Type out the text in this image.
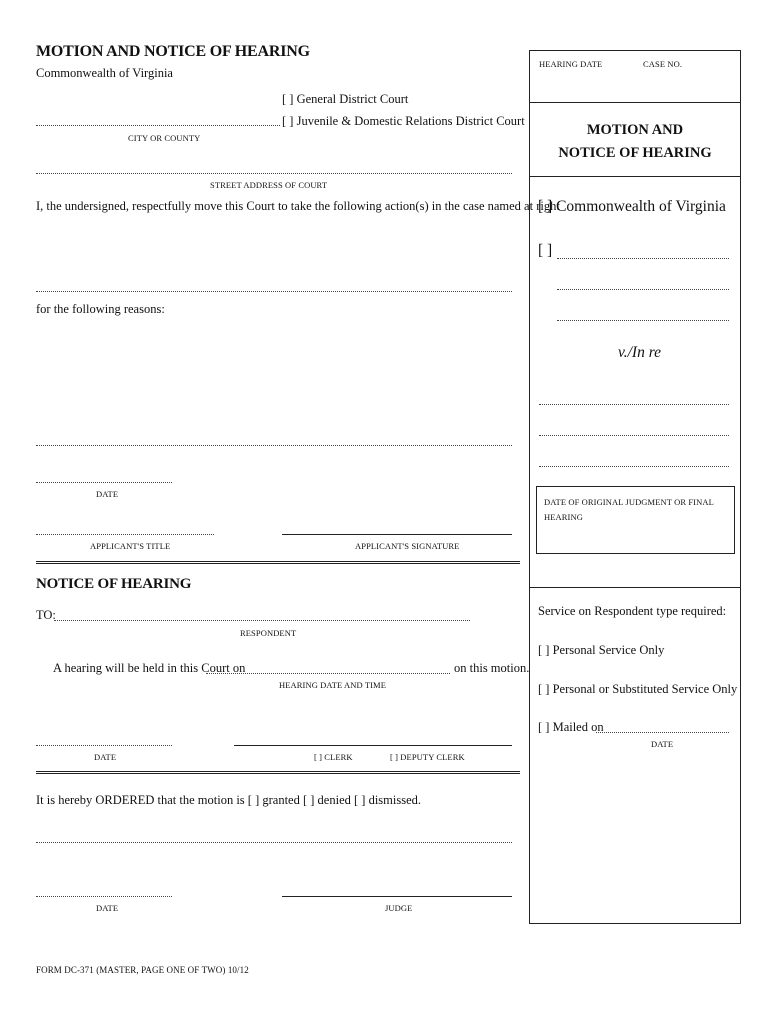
MOTION AND NOTICE OF HEARING
Commonwealth of Virginia
[ ] General District Court
[ ] Juvenile & Domestic Relations District Court
CITY OR COUNTY
STREET ADDRESS OF COURT
I, the undersigned, respectfully move this Court to take the following action(s) in the case named at right
for the following reasons:
DATE
APPLICANT'S TITLE	APPLICANT'S SIGNATURE
NOTICE OF HEARING
TO:
RESPONDENT
A hearing will be held in this Court on	on this motion.
HEARING DATE AND TIME
DATE	[ ] CLERK	[ ] DEPUTY CLERK
It is hereby ORDERED that the motion is [ ] granted [ ] denied [ ] dismissed.
DATE	JUDGE
FORM DC-371 (MASTER, PAGE ONE OF TWO) 10/12
HEARING DATE	CASE NO.
MOTION AND
NOTICE OF HEARING
[ ] Commonwealth of Virginia
[ ]
v./In re
DATE OF ORIGINAL JUDGMENT OR FINAL HEARING
Service on Respondent type required:
[ ] Personal Service Only
[ ] Personal or Substituted Service Only
[ ] Mailed on
DATE
